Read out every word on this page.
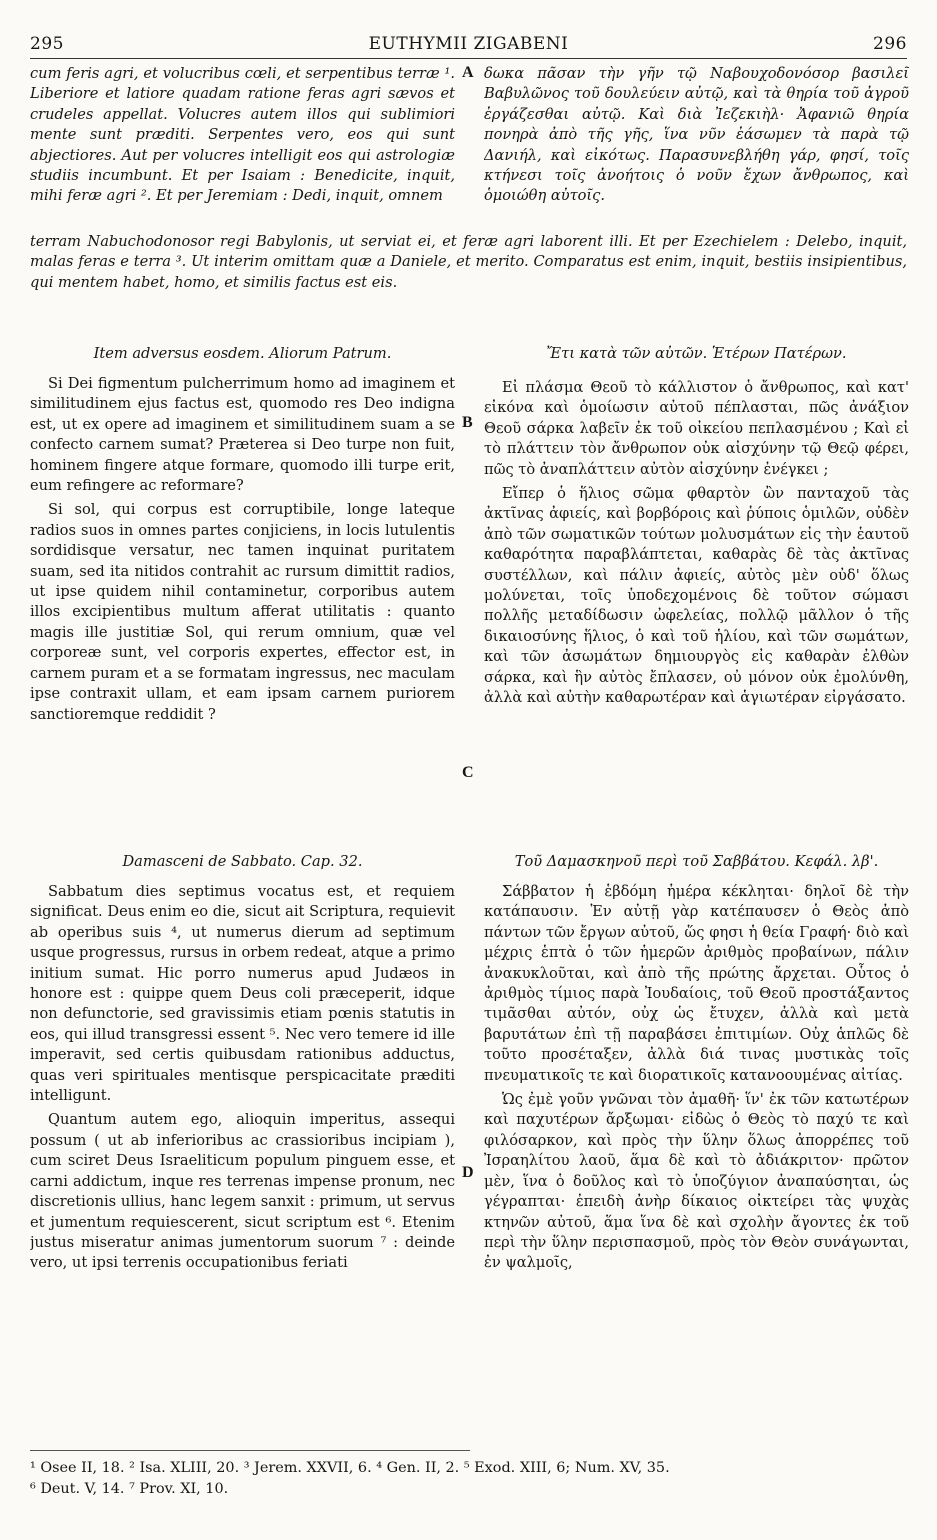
295	EUTHYMII ZIGABENI	296

cum feris agri, et volucribus cœli, et serpentibus terræ ¹. Liberiore et latiore quadam ratione feras agri sævos et crudeles appellat. Volucres autem illos qui sublimiori mente sunt præditi. Serpentes vero, eos qui sunt abjectiores. Aut per volucres intelligit eos qui astrologiæ studiis incumbunt. Et per Isaiam : Benedicite, inquit, mihi feræ agri ². Et per Jeremiam : Dedi, inquit, omnem

A δωκα πᾶσαν τὴν γῆν τῷ Ναβουχοδονόσορ βασιλεῖ Βαβυλῶνος τοῦ δουλεύειν αὐτῷ, καὶ τὰ θηρία τοῦ ἀγροῦ ἐργάζεσθαι αὐτῷ. Καὶ διὰ Ἰεζεκιὴλ· Ἀφανιῶ θηρία πονηρὰ ἀπὸ τῆς γῆς, ἵνα νῦν ἐάσωμεν τὰ παρὰ τῷ Δανιήλ, καὶ εἰκότως. Παρασυνεβλήθη γάρ, φησί, τοῖς κτήνεσι τοῖς ἀνοήτοις ὁ νοῦν ἔχων ἄνθρωπος, καὶ ὁμοιώθη αὐτοῖς.

terram Nabuchodonosor regi Babylonis, ut serviat ei, et feræ agri laborent illi. Et per Ezechielem : Delebo, inquit, malas feras e terra ³. Ut interim omittam quæ a Daniele, et merito. Comparatus est enim, inquit, bestiis insipientibus, qui mentem habet, homo, et similis factus est eis.
Item adversus eosdem. Aliorum Patrum.	Ἔτι κατὰ τῶν αὐτῶν. Ἑτέρων Πατέρων.

Si Dei figmentum pulcherrimum homo ad imaginem et similitudinem ejus factus est, quomodo res Deo indigna est, ut ex opere ad imaginem et similitudinem suam a se confecto carnem sumat? Præterea si Deo turpe non fuit, hominem fingere atque formare, quomodo illi turpe erit, eum refingere ac reformare?

Si sol, qui corpus est corruptibile, longe lateque radios suos in omnes partes conjiciens, in locis lutulentis sordidisque versatur, nec tamen inquinat puritatem suam, sed ita nitidos contrahit ac rursum dimittit radios, ut ipse quidem nihil contaminetur, corporibus autem illos excipientibus multum afferat utilitatis : quanto magis ille justitiæ Sol, qui rerum omnium, quæ vel corporeæ sunt, vel corporis expertes, effector est, in carnem puram et a se formatam ingressus, nec maculam ipse contraxit ullam, et eam ipsam carnem puriorem sanctioremque reddidit ?

B
C

Εἰ πλάσμα Θεοῦ τὸ κάλλιστον ὁ ἄνθρωπος, καὶ κατ' εἰκόνα καὶ ὁμοίωσιν αὐτοῦ πέπλασται, πῶς ἀνάξιον Θεοῦ σάρκα λαβεῖν ἐκ τοῦ οἰκείου πεπλασμένου ; Καὶ εἰ τὸ πλάττειν τὸν ἄνθρωπον οὐκ αἰσχύνην τῷ Θεῷ φέρει, πῶς τὸ ἀναπλάττειν αὐτὸν αἰσχύνην ἐνέγκει ;

Εἴπερ ὁ ἥλιος σῶμα φθαρτὸν ὢν πανταχοῦ τὰς ἀκτῖνας ἀφιείς, καὶ βορβόροις καὶ ῥύποις ὁμιλῶν, οὐδὲν ἀπὸ τῶν σωματικῶν τούτων μολυσμάτων εἰς τὴν ἑαυτοῦ καθαρότητα παραβλάπτεται, καθαρὰς δὲ τὰς ἀκτῖνας συστέλλων, καὶ πάλιν ἀφιείς, αὐτὸς μὲν οὐδ' ὅλως μολύνεται, τοῖς ὑποδεχομένοις δὲ τοῦτον σώμασι πολλῆς μεταδίδωσιν ὠφελείας, πολλῷ μᾶλλον ὁ τῆς δικαιοσύνης ἥλιος, ὁ καὶ τοῦ ἡλίου, καὶ τῶν σωμάτων, καὶ τῶν ἀσωμάτων δημιουργὸς εἰς καθαρὰν ἐλθὼν σάρκα, καὶ ἣν αὐτὸς ἔπλασεν, οὐ μόνον οὐκ ἐμολύνθη, ἀλλὰ καὶ αὐτὴν καθαρωτέραν καὶ ἁγιωτέραν εἰργάσατο.

Damasceni de Sabbato. Cap. 32.	Τοῦ Δαμασκηνοῦ περὶ τοῦ Σαββάτου. Κεφάλ. λβ'.

Sabbatum dies septimus vocatus est, et requiem significat. Deus enim eo die, sicut ait Scriptura, requievit ab operibus suis ⁴, ut numerus dierum ad septimum usque progressus, rursus in orbem redeat, atque a primo initium sumat. Hic porro numerus apud Judæos in honore est : quippe quem Deus coli præceperit, idque non defunctorie, sed gravissimis etiam pœnis statutis in eos, qui illud transgressi essent ⁵. Nec vero temere id ille imperavit, sed certis quibusdam rationibus adductus, quas veri spirituales mentisque perspicacitate præditi intelligunt.

Quantum autem ego, alioquin imperitus, assequi possum ( ut ab inferioribus ac crassioribus incipiam ), cum sciret Deus Israeliticum populum pinguem esse, et carni addictum, inque res terrenas impense pronum, nec discretionis ullius, hanc legem sanxit : primum, ut servus et jumentum requiescerent, sicut scriptum est ⁶. Etenim justus miseratur animas jumentorum suorum ⁷ : deinde vero, ut ipsi terrenis occupationibus feriati

D

Σάββατον ἡ ἑβδόμη ἡμέρα κέκληται· δηλοῖ δὲ τὴν κατάπαυσιν. Ἐν αὐτῇ γὰρ κατέπαυσεν ὁ Θεὸς ἀπὸ πάντων τῶν ἔργων αὐτοῦ, ὥς φησι ἡ θεία Γραφή· διὸ καὶ μέχρις ἑπτὰ ὁ τῶν ἡμερῶν ἀριθμὸς προβαίνων, πάλιν ἀνακυκλοῦται, καὶ ἀπὸ τῆς πρώτης ἄρχεται. Οὗτος ὁ ἀριθμὸς τίμιος παρὰ Ἰουδαίοις, τοῦ Θεοῦ προστάξαντος τιμᾶσθαι αὐτόν, οὐχ ὡς ἔτυχεν, ἀλλὰ καὶ μετὰ βαρυτάτων ἐπὶ τῇ παραβάσει ἐπιτιμίων. Οὐχ ἁπλῶς δὲ τοῦτο προσέταξεν, ἀλλὰ διά τινας μυστικὰς τοῖς πνευματικοῖς τε καὶ διορατικοῖς κατανοουμένας αἰτίας.

Ὡς ἐμὲ γοῦν γνῶναι τὸν ἀμαθῆ· ἵν' ἐκ τῶν κατωτέρων καὶ παχυτέρων ἄρξωμαι· εἰδὼς ὁ Θεὸς τὸ παχύ τε καὶ φιλόσαρκον, καὶ πρὸς τὴν ὕλην ὅλως ἀπορρέπες τοῦ Ἰσραηλίτου λαοῦ, ἅμα δὲ καὶ τὸ ἀδιάκριτον· πρῶτον μὲν, ἵνα ὁ δοῦλος καὶ τὸ ὑποζύγιον ἀναπαύσηται, ὡς γέγραπται· ἐπειδὴ ἀνὴρ δίκαιος οἰκτείρει τὰς ψυχὰς κτηνῶν αὐτοῦ, ἅμα ἵνα δὲ καὶ σχολὴν ἄγοντες ἐκ τοῦ περὶ τὴν ὕλην περισπασμοῦ, πρὸς τὸν Θεὸν συνάγωνται, ἐν ψαλμοῖς,

¹ Osee II, 18. ² Isa. XLIII, 20. ³ Jerem. XXVII, 6. ⁴ Gen. II, 2. ⁵ Exod. XIII, 6; Num. XV, 35.
⁶ Deut. V, 14. ⁷ Prov. XI, 10.
